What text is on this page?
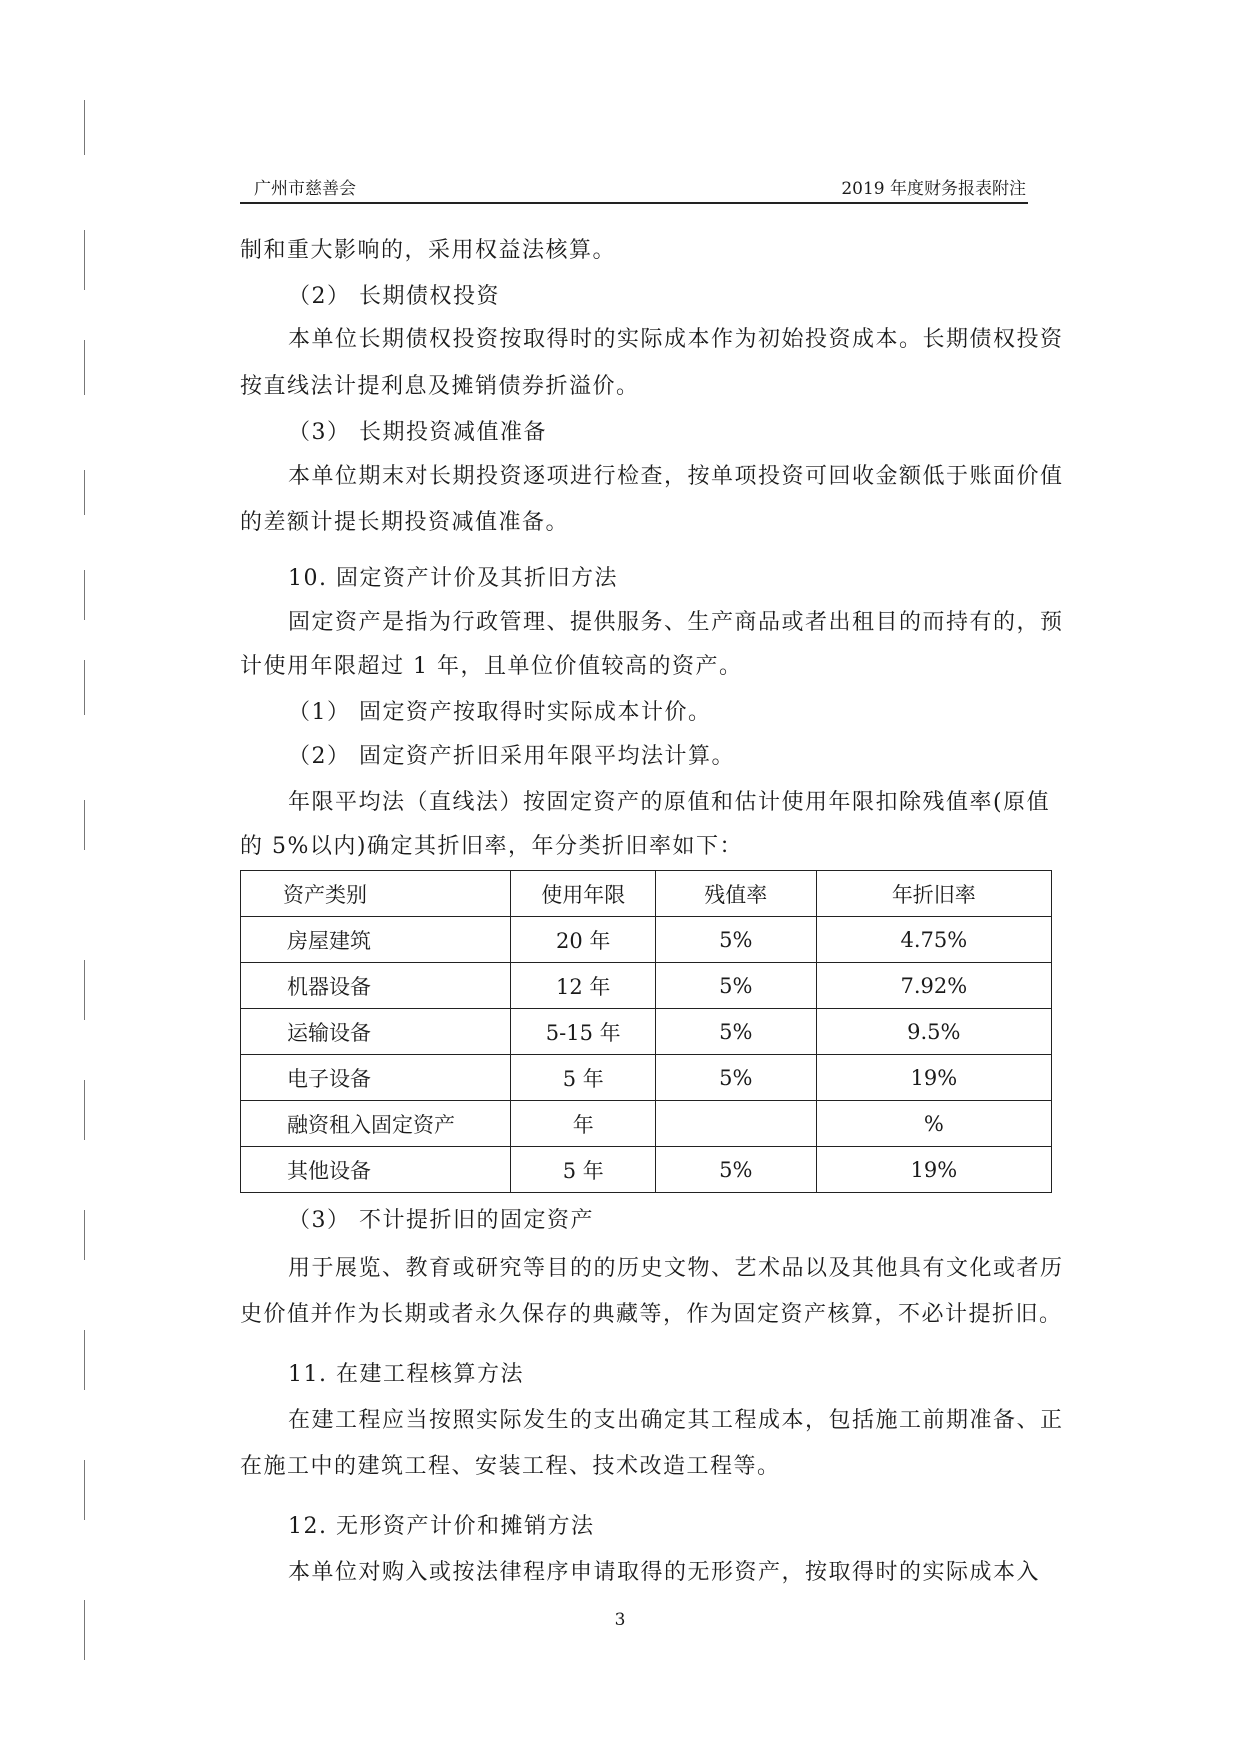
广州市慈善会	2019 年度财务报表附注
制和重大影响的，采用权益法核算。
（2） 长期债权投资
本单位长期债权投资按取得时的实际成本作为初始投资成本。长期债权投资
按直线法计提利息及摊销债券折溢价。
（3） 长期投资减值准备
本单位期末对长期投资逐项进行检查，按单项投资可回收金额低于账面价值
的差额计提长期投资减值准备。
10. 固定资产计价及其折旧方法
固定资产是指为行政管理、提供服务、生产商品或者出租目的而持有的，预
计使用年限超过 1 年，且单位价值较高的资产。
（1） 固定资产按取得时实际成本计价。
（2） 固定资产折旧采用年限平均法计算。
年限平均法（直线法）按固定资产的原值和估计使用年限扣除残值率(原值
的 5%以内)确定其折旧率，年分类折旧率如下：
资产类别	使用年限	残值率	年折旧率
房屋建筑	20 年	5%	4.75%
机器设备	12 年	5%	7.92%
运输设备	5-15 年	5%	9.5%
电子设备	5 年	5%	19%
融资租入固定资产	年		%
其他设备	5 年	5%	19%
（3） 不计提折旧的固定资产
用于展览、教育或研究等目的的历史文物、艺术品以及其他具有文化或者历
史价值并作为长期或者永久保存的典藏等，作为固定资产核算，不必计提折旧。
11. 在建工程核算方法
在建工程应当按照实际发生的支出确定其工程成本，包括施工前期准备、正
在施工中的建筑工程、安装工程、技术改造工程等。
12. 无形资产计价和摊销方法
本单位对购入或按法律程序申请取得的无形资产，按取得时的实际成本入
3
